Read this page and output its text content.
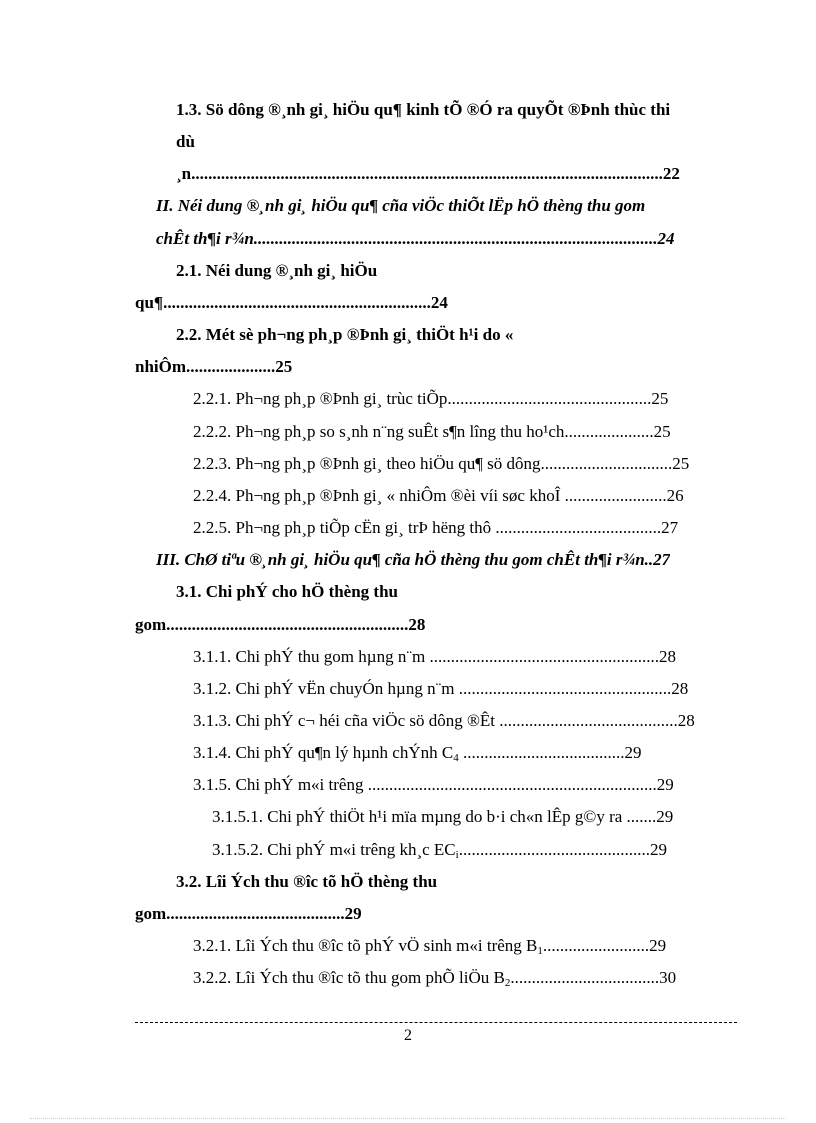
1.3. Sö dông ®¸nh gi¸ hiÖu qu¶ kinh tÕ ®Ó ra quyÕt ®Þnh thùc thi
dù
¸n...............................................................................................................22
II. Néi dung ®¸nh gi¸ hiÖu qu¶ cña viÖc thiÕt lËp hÖ thèng thu gom
chÊt th¶i r¾n...............................................................................................24
2.1. Néi dung ®¸nh gi¸ hiÖu
qu¶...............................................................24
2.2. Mét sè ph¬ng ph¸p ®Þnh gi¸ thiÖt h¹i do «
nhiÔm.....................25
2.2.1. Ph¬ng ph¸p ®Þnh gi¸ trùc tiÕp................................................25
2.2.2. Ph¬ng ph¸p so s¸nh n¨ng suÊt s¶n lîng thu ho¹ch.....................25
2.2.3. Ph¬ng ph¸p ®Þnh gi¸ theo hiÖu qu¶ sö dông...............................25
2.2.4. Ph¬ng ph¸p ®Þnh gi¸ « nhiÔm ®èi víi søc khoÎ ........................26
2.2.5. Ph¬ng ph¸p tiÕp cËn gi¸ trÞ hëng thô .......................................27
III. ChØ tiªu ®¸nh gi¸ hiÖu qu¶ cña hÖ thèng thu gom chÊt th¶i r¾n..27
3.1. Chi phÝ cho hÖ thèng thu
gom.........................................................28
3.1.1. Chi phÝ thu gom hµng n¨m ......................................................28
3.1.2. Chi phÝ vËn chuyÓn hµng n¨m ..................................................28
3.1.3. Chi phÝ c¬ héi cña viÖc sö dông ®Êt ..........................................28
3.1.4. Chi phÝ qu¶n lý hµnh chÝnh $C_4$ ......................................29
3.1.5. Chi phÝ m«i trêng ....................................................................29
3.1.5.1. Chi phÝ thiÖt h¹i mïa mµng do b·i ch«n lÊp g©y ra .......29
3.1.5.2. Chi phÝ m«i trêng kh¸c $EC_i.............................................29$
3.2. Lîi Ých thu ®îc tõ hÖ thèng thu
gom..........................................29
3.2.1. Lîi Ých thu ®îc tõ phÝ vÖ sinh m«i trêng $B_1.........................29$
3.2.2. Lîi Ých thu ®îc tõ thu gom phÕ liÖu $B_2...................................30$
2
